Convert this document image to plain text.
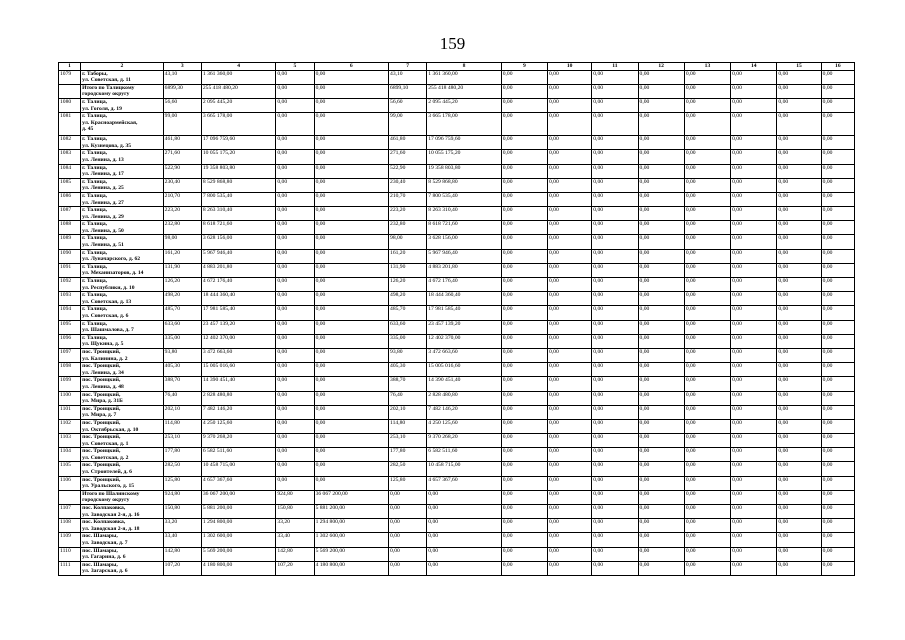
159
1	2	3	4	5	6	7	8	9	10	11	12	13	14	15	16
1079	г. Таборы,
ул. Советская, д. 11	43,10	1 361 360,00	0,00	0,00	43,10	1 361 360,00	0,00	0,00	0,00	0,00	0,00	0,00	0,00	0,00
	Итого по Талицкому
городскому округу	6899,30	255 418 480,20	0,00	0,00	6899,10	255 418 480,20	0,00	0,00	0,00	0,00	0,00	0,00	0,00	0,00
1080	г. Талица,
ул. Гоголя, д. 19	56,60	2 095 445,20	0,00	0,00	56,60	2 095 445,20	0,00	0,00	0,00	0,00	0,00	0,00	0,00	0,00
1081	г. Талица,
ул. Красноармейская,
д. 45	99,00	3 665 178,00	0,00	0,00	99,00	3 665 178,00	0,00	0,00	0,00	0,00	0,00	0,00	0,00	0,00
1082	г. Талица,
ул. Кузнецова, д. 35	461,80	17 096 759,60	0,00	0,00	461,80	17 096 759,60	0,00	0,00	0,00	0,00	0,00	0,00	0,00	0,00
1083	г. Талица,
ул. Ленина, д. 13	271,60	10 055 175,20	0,00	0,00	271,60	10 055 175,20	0,00	0,00	0,00	0,00	0,00	0,00	0,00	0,00
1084	г. Талица,
ул. Ленина, д. 17	522,90	19 358 803,80	0,00	0,00	522,90	19 358 803,80	0,00	0,00	0,00	0,00	0,00	0,00	0,00	0,00
1085	г. Талица,
ул. Ленина, д. 25	230,40	8 529 868,80	0,00	0,00	230,40	8 529 868,80	0,00	0,00	0,00	0,00	0,00	0,00	0,00	0,00
1086	г. Талица,
ул. Ленина, д. 27	210,70	7 800 535,40	0,00	0,00	210,70	7 800 535,40	0,00	0,00	0,00	0,00	0,00	0,00	0,00	0,00
1087	г. Талица,
ул. Ленина, д. 29	223,20	8 263 310,40	0,00	0,00	223,20	8 263 310,40	0,00	0,00	0,00	0,00	0,00	0,00	0,00	0,00
1088	г. Талица,
ул. Ленина, д. 50	232,80	8 618 721,60	0,00	0,00	232,80	8 618 721,60	0,00	0,00	0,00	0,00	0,00	0,00	0,00	0,00
1089	г. Талица,
ул. Ленина, д. 51	98,00	3 628 156,00	0,00	0,00	98,00	3 628 156,00	0,00	0,00	0,00	0,00	0,00	0,00	0,00	0,00
1090	г. Талица,
ул. Луначарского, д. 62	161,20	5 967 946,40	0,00	0,00	161,20	5 967 946,40	0,00	0,00	0,00	0,00	0,00	0,00	0,00	0,00
1091	г. Талица,
ул. Механизаторов, д. 14	131,90	4 883 201,80	0,00	0,00	131,90	4 883 201,80	0,00	0,00	0,00	0,00	0,00	0,00	0,00	0,00
1092	г. Талица,
ул. Республики, д. 10	126,20	4 672 176,40	0,00	0,00	126,20	4 672 176,40	0,00	0,00	0,00	0,00	0,00	0,00	0,00	0,00
1093	г. Талица,
ул. Советская, д. 13	498,20	18 444 360,40	0,00	0,00	498,20	18 444 360,40	0,00	0,00	0,00	0,00	0,00	0,00	0,00	0,00
1094	г. Талица,
ул. Советская, д. 6	485,70	17 981 585,40	0,00	0,00	485,70	17 981 585,40	0,00	0,00	0,00	0,00	0,00	0,00	0,00	0,00
1095	г. Талица,
ул. Шашмалова, д. 7	633,60	23 457 139,20	0,00	0,00	633,60	23 457 139,20	0,00	0,00	0,00	0,00	0,00	0,00	0,00	0,00
1096	г. Талица,
ул. Щукина, д. 5	335,00	12 402 370,00	0,00	0,00	335,00	12 402 370,00	0,00	0,00	0,00	0,00	0,00	0,00	0,00	0,00
1097	пос. Троицкий,
ул. Калинина, д. 2	93,80	3 472 663,60	0,00	0,00	93,80	3 472 663,60	0,00	0,00	0,00	0,00	0,00	0,00	0,00	0,00
1098	пос. Троицкий,
ул. Ленина, д. 34	405,30	15 005 016,60	0,00	0,00	405,30	15 005 016,60	0,00	0,00	0,00	0,00	0,00	0,00	0,00	0,00
1099	пос. Троицкий,
ул. Ленина, д. 48	388,70	14 390 451,40	0,00	0,00	388,70	14 390 451,40	0,00	0,00	0,00	0,00	0,00	0,00	0,00	0,00
1100	пос. Троицкий,
ул. Мира, д. 31Б	76,40	2 828 480,80	0,00	0,00	76,40	2 828 480,80	0,00	0,00	0,00	0,00	0,00	0,00	0,00	0,00
1101	пос. Троицкий,
ул. Мира, д. 7	202,10	7 482 146,20	0,00	0,00	202,10	7 482 146,20	0,00	0,00	0,00	0,00	0,00	0,00	0,00	0,00
1102	пос. Троицкий,
ул. Октябрьская, д. 10	114,80	4 250 125,60	0,00	0,00	114,80	4 250 125,60	0,00	0,00	0,00	0,00	0,00	0,00	0,00	0,00
1103	пос. Троицкий,
ул. Советская, д. 1	253,10	9 370 268,20	0,00	0,00	253,10	9 370 268,20	0,00	0,00	0,00	0,00	0,00	0,00	0,00	0,00
1104	пос. Троицкий,
ул. Советская, д. 2	177,80	6 582 511,60	0,00	0,00	177,80	6 582 511,60	0,00	0,00	0,00	0,00	0,00	0,00	0,00	0,00
1105	пос. Троицкий,
ул. Строителей, д. 6	282,50	10 458 715,00	0,00	0,00	282,50	10 458 715,00	0,00	0,00	0,00	0,00	0,00	0,00	0,00	0,00
1106	пос. Троицкий,
ул. Уральского, д. 15	125,80	4 657 367,60	0,00	0,00	125,80	4 657 367,60	0,00	0,00	0,00	0,00	0,00	0,00	0,00	0,00
	Итого по Шалинскому
городскому округу	924,80	36 067 200,00	924,80	36 067 200,00	0,00	0,00	0,00	0,00	0,00	0,00	0,00	0,00	0,00	0,00
1107	пос. Колпаковка,
ул. Заводская 2-я, д. 16	150,80	5 881 200,00	150,80	5 881 200,00	0,00	0,00	0,00	0,00	0,00	0,00	0,00	0,00	0,00	0,00
1108	пос. Колпаковка,
ул. Заводская 2-я, д. 18	33,20	1 294 800,00	33,20	1 294 800,00	0,00	0,00	0,00	0,00	0,00	0,00	0,00	0,00	0,00	0,00
1109	пос. Шамары,
ул. Заводская, д. 7	33,40	1 302 600,00	33,40	1 302 600,00	0,00	0,00	0,00	0,00	0,00	0,00	0,00	0,00	0,00	0,00
1110	пос. Шамары,
ул. Гагарина, д. 6	142,80	5 569 200,00	142,80	5 569 200,00	0,00	0,00	0,00	0,00	0,00	0,00	0,00	0,00	0,00	0,00
1111	пос. Шамары,
ул. Загарская, д. 6	107,20	4 180 800,00	107,20	4 180 800,00	0,00	0,00	0,00	0,00	0,00	0,00	0,00	0,00	0,00	0,00
